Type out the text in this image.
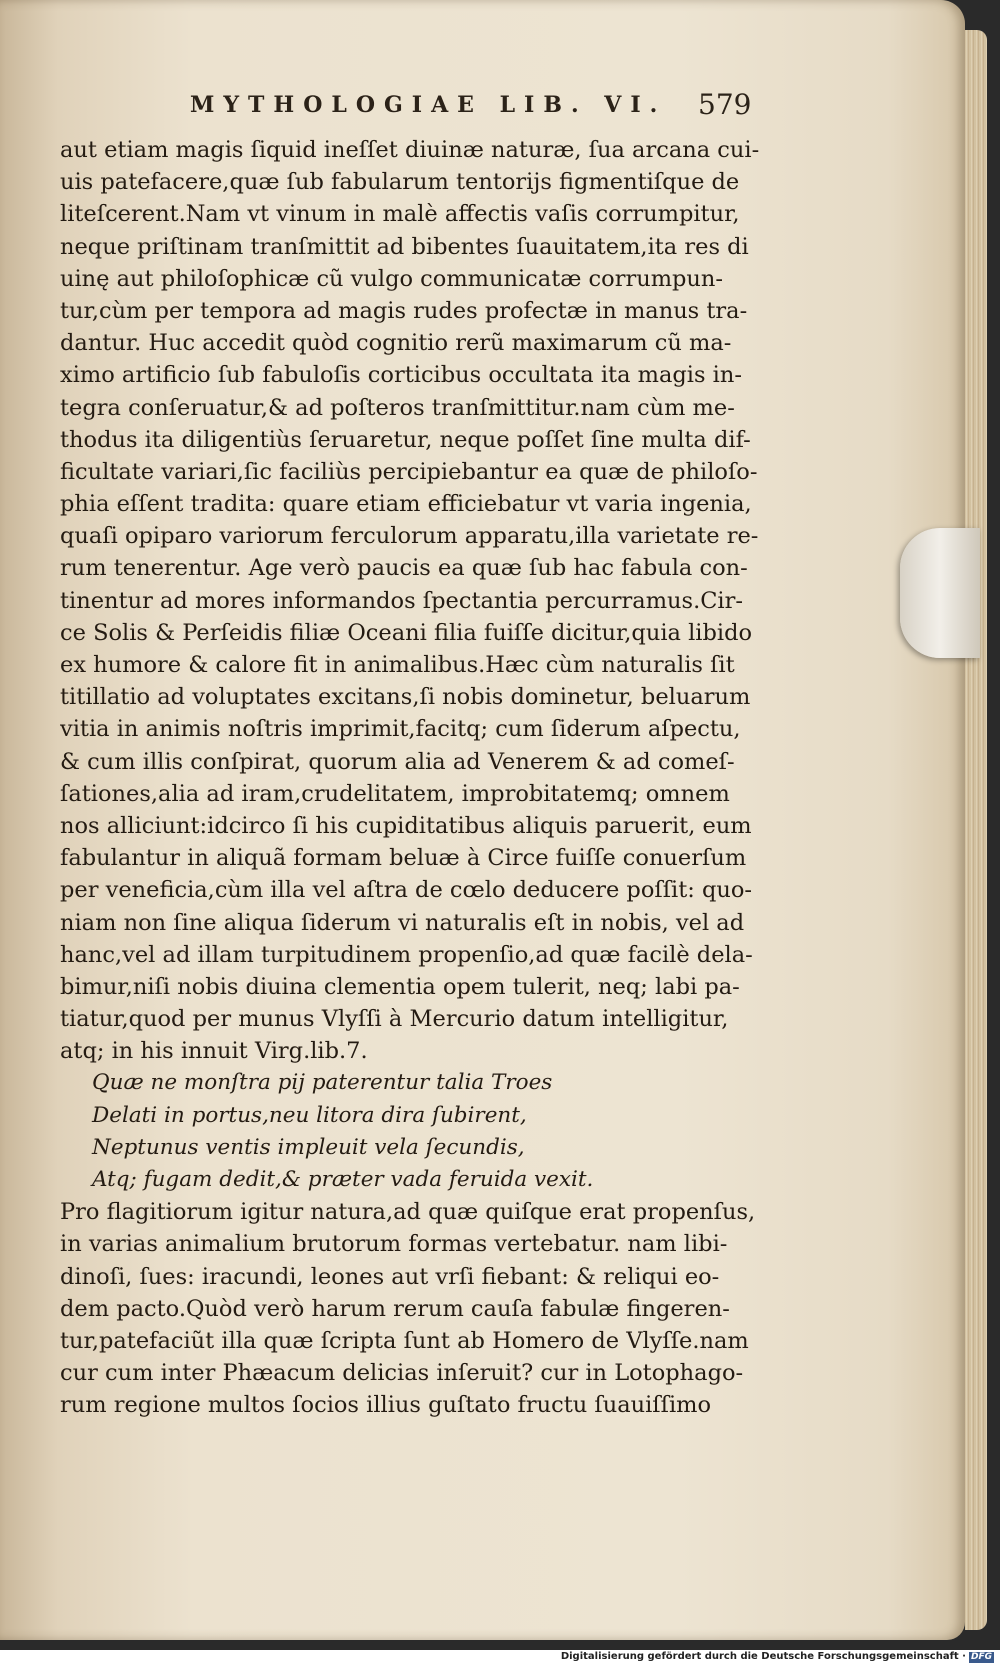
MYTHOLOGIAE LIB. VI.	579
aut etiam magis ſiquid ineſſet diuinæ naturæ, ſua arcana cui-
uis patefacere,quæ ſub fabularum tentorijs figmentiſque de
liteſcerent.Nam vt vinum in malè affectis vaſis corrumpitur,
neque priſtinam tranſmittit ad bibentes ſuauitatem,ita res di
uinę aut philoſophicæ cũ vulgo communicatæ corrumpun-
tur,cùm per tempora ad magis rudes profectæ in manus tra-
dantur. Huc accedit quòd cognitio rerũ maximarum cũ ma-
ximo artificio ſub fabuloſis corticibus occultata ita magis in-
tegra conſeruatur,& ad poſteros tranſmittitur.nam cùm me-
thodus ita diligentiùs ſeruaretur, neque poſſet ſine multa dif-
ficultate variari,ſic faciliùs percipiebantur ea quæ de philoſo-
phia eſſent tradita: quare etiam efficiebatur vt varia ingenia,
quaſi opiparo variorum ferculorum apparatu,illa varietate re-
rum tenerentur. Age verò paucis ea quæ ſub hac fabula con-
tinentur ad mores informandos ſpectantia percurramus.Cir-
ce Solis & Perſeidis filiæ Oceani filia fuiſſe dicitur,quia libido
ex humore & calore fit in animalibus.Hæc cùm naturalis ſit
titillatio ad voluptates excitans,ſi nobis dominetur, beluarum
vitia in animis noſtris imprimit,facitq; cum ſiderum aſpectu,
& cum illis conſpirat, quorum alia ad Venerem & ad comeſ-
ſationes,alia ad iram,crudelitatem, improbitatemq; omnem
nos alliciunt:idcirco ſi his cupiditatibus aliquis paruerit, eum
fabulantur in aliquã formam beluæ à Circe fuiſſe conuerſum
per veneficia,cùm illa vel aſtra de cœlo deducere poſſit: quo-
niam non ſine aliqua ſiderum vi naturalis eſt in nobis, vel ad
hanc,vel ad illam turpitudinem propenſio,ad quæ facilè dela-
bimur,niſi nobis diuina clementia opem tulerit, neq; labi pa-
tiatur,quod per munus Vlyſſi à Mercurio datum intelligitur,
atq; in his innuit Virg.lib.7.
Quæ ne monſtra pij paterentur talia Troes
Delati in portus,neu litora dira ſubirent,
Neptunus ventis impleuit vela ſecundis,
Atq; fugam dedit,& præter vada feruida vexit.
Pro flagitiorum igitur natura,ad quæ quiſque erat propenſus,
in varias animalium brutorum formas vertebatur. nam libi-
dinoſi, ſues: iracundi, leones aut vrſi fiebant: & reliqui eo-
dem pacto.Quòd verò harum rerum cauſa fabulæ fingeren-
tur,patefaciũt illa quæ ſcripta ſunt ab Homero de Vlyſſe.nam
cur cum inter Phæacum delicias inſeruit? cur in Lotophago-
rum regione multos ſocios illius guſtato fructu ſuauiſſimo
Digitalisierung gefördert durch die Deutsche Forschungsgemeinschaft · DFG
